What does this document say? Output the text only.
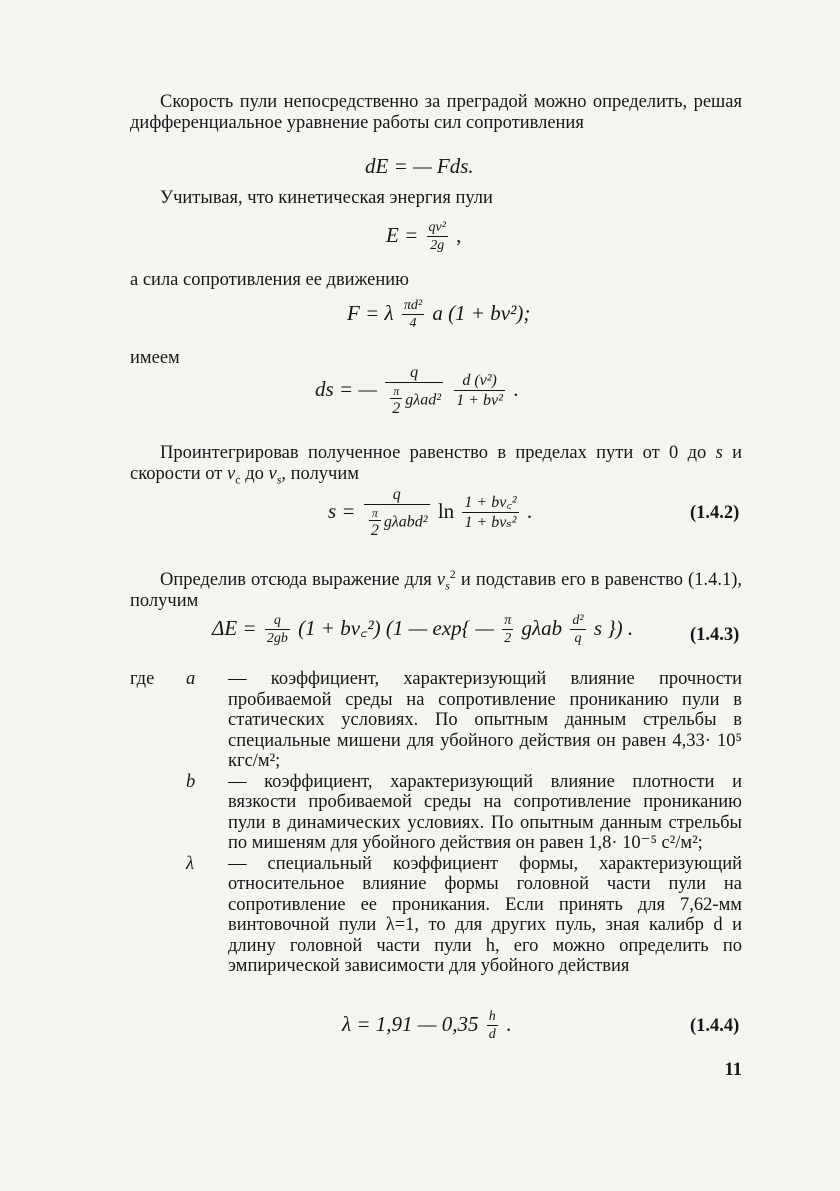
Скорость пули непосредственно за преградой можно определить, решая дифференциальное уравнение работы сил сопротивления
dE = — Fds.
Учитывая, что кинетическая энергия пули
$E = \frac{\text{qv²}}{2g}$ ,
а сила сопротивления ее движению
F = λ $\frac{\text{πd²}}{4}$ a (1 + bv²);
имеем
ds = — $\frac{q}{\frac{\pi}{2} g\lambda ad^2}$
$\frac{\text{d (v²)}}{\text{1 + bv²}}$ .
Проинтегрировав полученное равенство в пределах пути от 0 до s и скорости от $v_c$ до $v_s$, получим
$s = \frac{q}{\frac{\pi}{2} g\lambda abd^2}$ $\ln \frac{\text{1 + bv꜀²}}{\text{1 + bvₛ²}}$ .	(1.4.2)
Определив отсюда выражение для $v_s^2$ и подставив его в равенство (1.4.1), получим
$\Delta E = \frac{q}{2gb} (1$ + bv꜀²) (1 — exp{ — $\frac{\pi}{2}$ gλab $\frac{\text{d²}}{q}$ s }) .	(1.4.3)
где a — коэффициент, характеризующий влияние прочности пробиваемой среды на сопротивление прониканию пули в статических условиях. По опытным данным стрельбы в специальные мишени для убойного действия он равен 4,33· 10⁵ кгс/м²;
b — коэффициент, характеризующий влияние плотности и вязкости пробиваемой среды на сопротивление прониканию пули в динамических условиях. По опытным данным стрельбы по мишеням для убойного действия он равен 1,8· 10⁻⁵ с²/м²;
λ — специальный коэффициент формы, характеризующий относительное влияние формы головной части пули на сопротивление ее проникания. Если принять для 7,62-мм винтовочной пули λ=1, то для других пуль, зная калибр d и длину головной части пули h, его можно определить по эмпирической зависимости для убойного действия
λ = 1,91 — $0,35 \frac{h}{d}$ .	(1.4.4)
11
